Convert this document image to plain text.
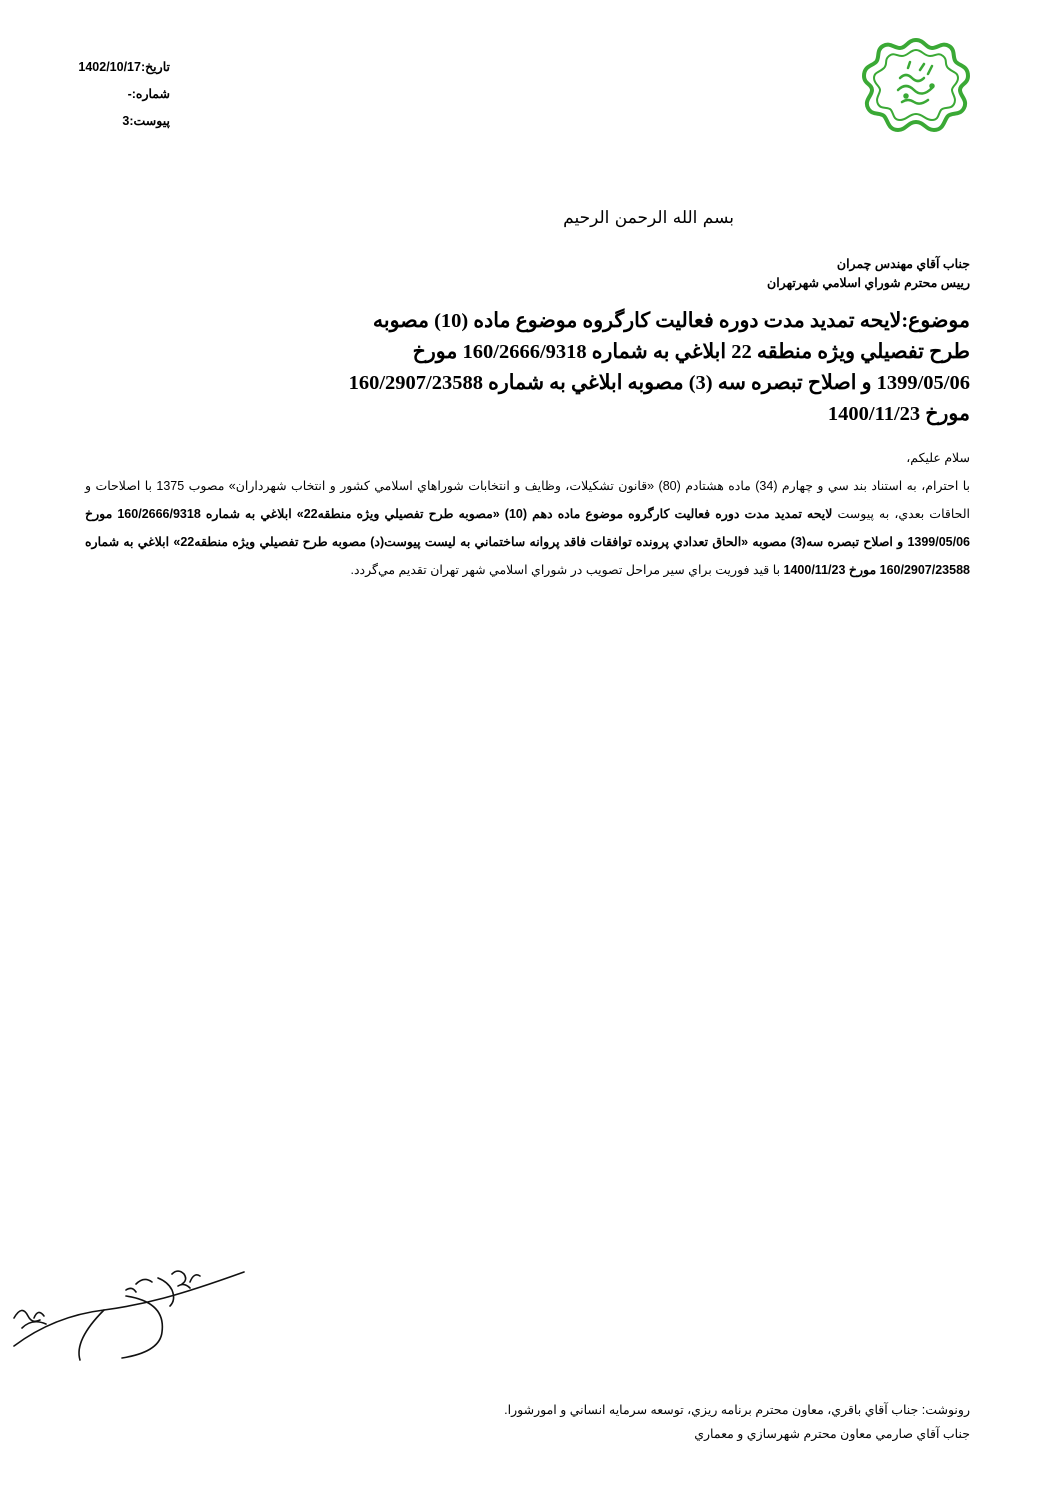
تاريخ:1402/10/17
شماره:-
پيوست:3
بسم الله الرحمن الرحيم
جناب آقاي مهندس چمران
رييس محترم شوراي اسلامي شهرتهران
موضوع:لايحه تمديد مدت دوره فعاليت كارگروه موضوع ماده (10) مصوبه طرح تفصيلي ويژه منطقه 22 ابلاغي به شماره 160/2666/9318 مورخ 1399/05/06 و اصلاح تبصره سه (3) مصوبه ابلاغي به شماره 160/2907/23588 مورخ 1400/11/23

سلام عليكم،

با احترام، به استناد بند سي و چهارم (34) ماده هشتادم (80) «قانون تشكيلات، وظايف و انتخابات شوراهاي اسلامي كشور و انتخاب شهرداران» مصوب 1375 با اصلاحات و الحاقات بعدي، به پيوست لايحه تمديد مدت دوره فعاليت كارگروه موضوع ماده دهم (10) «مصوبه طرح تفصيلي ويژه منطقه22» ابلاغي به شماره 160/2666/9318 مورخ 1399/05/06 و اصلاح تبصره سه(3) مصوبه «الحاق تعدادي پرونده توافقات فاقد پروانه ساختماني به ليست پيوست(د) مصوبه طرح تفصيلي ويژه منطقه22» ابلاغي به شماره 160/2907/23588 مورخ 1400/11/23 با قيد فوريت براي سير مراحل تصويب در شوراي اسلامي شهر تهران تقديم مي‌گردد.

رونوشت: جناب آقاي باقري، معاون محترم برنامه ريزي، توسعه سرمايه انساني و امورشورا.
جناب آقاي صارمي معاون محترم شهرسازي و معماري
